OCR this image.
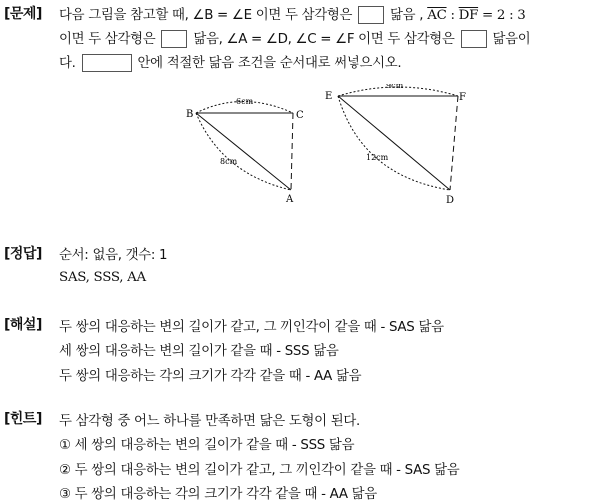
[문제] 다음 그림을 참고할 때, ∠B = ∠E 이면 두 삼각형은	닮음 , $\overline{AC}$ : $\overline{DF} = 2$ : 3
이면 두 삼각형은	닮음, ∠A = ∠D, ∠C = ∠F 이면 두 삼각형은	닮음이
다.	안에 적절한 닮음 조건을 순서대로 써넣으시오.
B	C
A
6cm
8cm
E	F
D
9cm
12cm
[정답] 순서: 없음, 갯수: 1
SAS, SSS, AA
[해설] 두 쌍의 대응하는 변의 길이가 같고, 그 끼인각이 같을 때 - SAS 닮음
세 쌍의 대응하는 변의 길이가 같을 때 - SSS 닮음
두 쌍의 대응하는 각의 크기가 각각 같을 때 - AA 닮음
[힌트] 두 삼각형 중 어느 하나를 만족하면 닮은 도형이 된다.
① 세 쌍의 대응하는 변의 길이가 같을 때 - SSS 닮음
② 두 쌍의 대응하는 변의 길이가 같고, 그 끼인각이 같을 때 - SAS 닮음
③ 두 쌍의 대응하는 각의 크기가 각각 같을 때 - AA 닮음
